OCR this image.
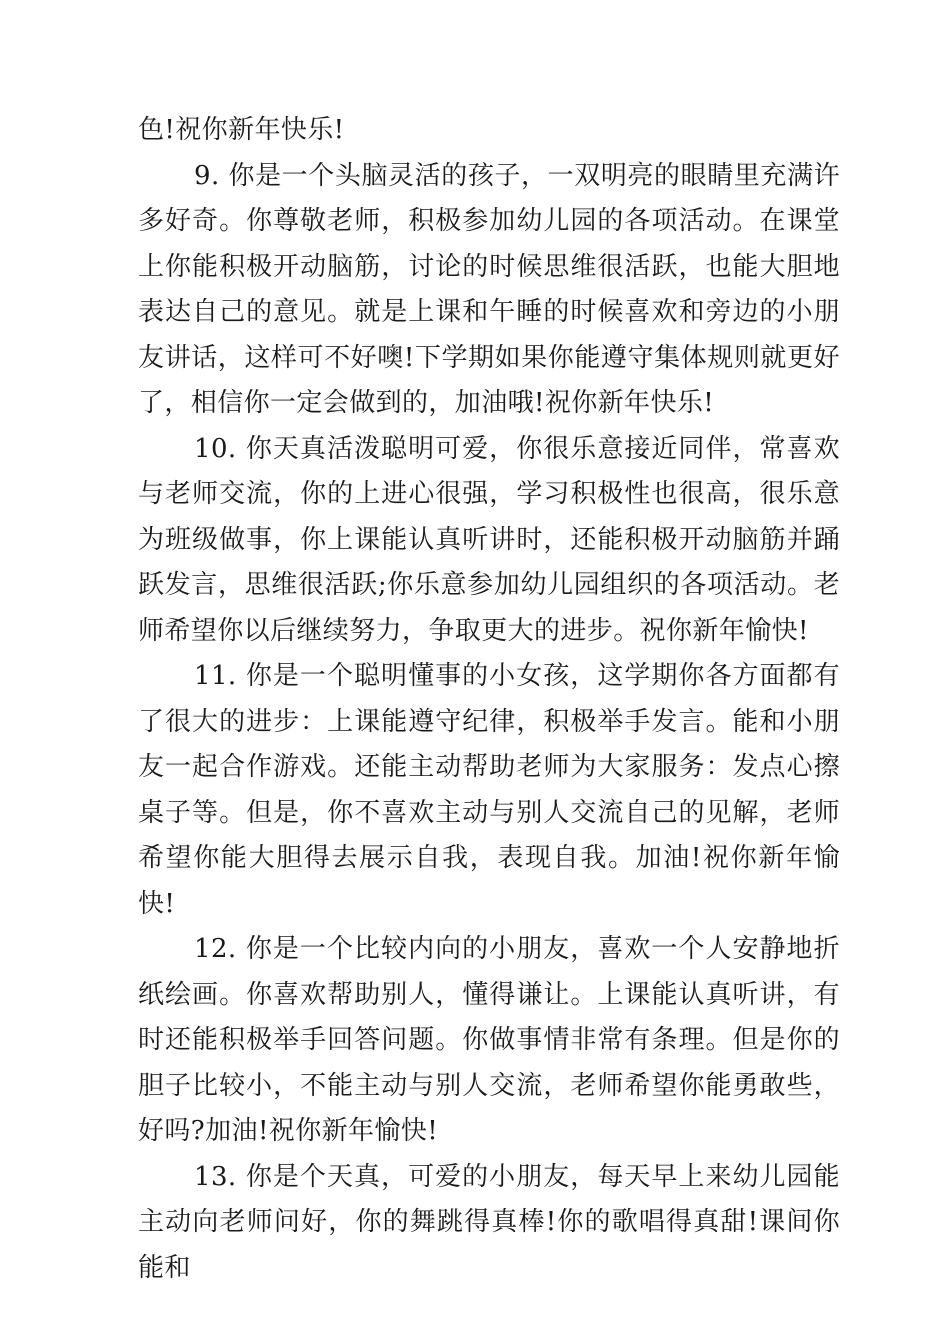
色!祝你新年快乐!

9. 你是一个头脑灵活的孩子，一双明亮的眼睛里充满许多好奇。你尊敬老师，积极参加幼儿园的各项活动。在课堂上你能积极开动脑筋，讨论的时候思维很活跃，也能大胆地表达自己的意见。就是上课和午睡的时候喜欢和旁边的小朋友讲话，这样可不好噢!下学期如果你能遵守集体规则就更好了，相信你一定会做到的，加油哦!祝你新年快乐!

10. 你天真活泼聪明可爱，你很乐意接近同伴，常喜欢与老师交流，你的上进心很强，学习积极性也很高，很乐意为班级做事，你上课能认真听讲时，还能积极开动脑筋并踊跃发言，思维很活跃;你乐意参加幼儿园组织的各项活动。老师希望你以后继续努力，争取更大的进步。祝你新年愉快!

11. 你是一个聪明懂事的小女孩，这学期你各方面都有了很大的进步：上课能遵守纪律，积极举手发言。能和小朋友一起合作游戏。还能主动帮助老师为大家服务：发点心擦桌子等。但是，你不喜欢主动与别人交流自己的见解，老师希望你能大胆得去展示自我，表现自我。加油!祝你新年愉快!

12. 你是一个比较内向的小朋友，喜欢一个人安静地折纸绘画。你喜欢帮助别人，懂得谦让。上课能认真听讲，有时还能积极举手回答问题。你做事情非常有条理。但是你的胆子比较小，不能主动与别人交流，老师希望你能勇敢些，好吗?加油!祝你新年愉快!

13. 你是个天真，可爱的小朋友，每天早上来幼儿园能主动向老师问好，你的舞跳得真棒!你的歌唱得真甜!课间你能和
